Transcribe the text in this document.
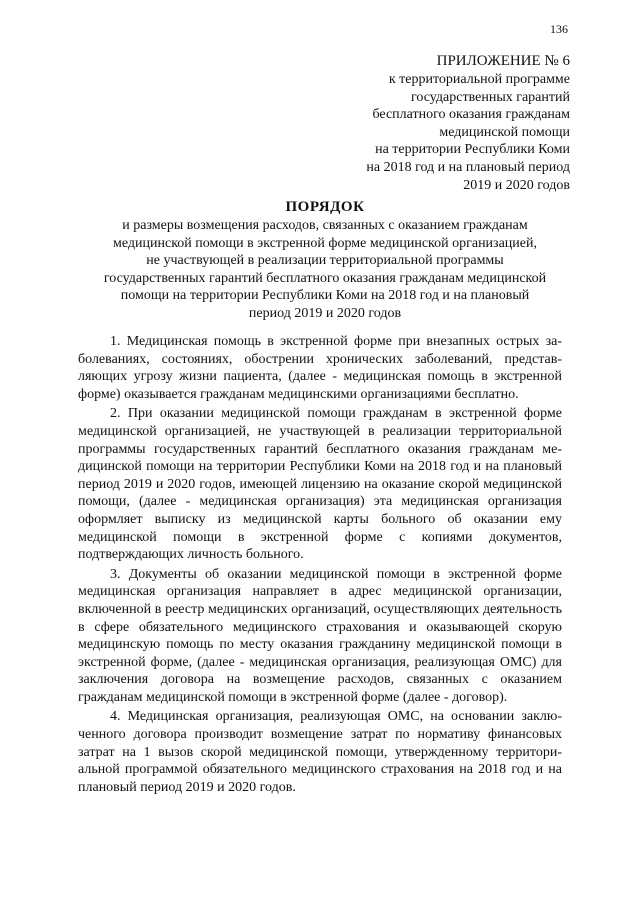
136
ПРИЛОЖЕНИЕ № 6
к территориальной программе
государственных гарантий
бесплатного оказания гражданам
медицинской помощи
на территории Республики Коми
на 2018 год и на плановый период
2019 и 2020 годов
ПОРЯДОК
и размеры возмещения расходов, связанных с оказанием гражданам
медицинской помощи в экстренной форме медицинской организацией,
не участвующей в реализации территориальной программы
государственных гарантий бесплатного оказания гражданам медицинской
помощи на территории Республики Коми на 2018 год и на плановый
период 2019 и 2020 годов

1. Медицинская помощь в экстренной форме при внезапных острых заболеваниях, состояниях, обострении хронических заболеваний, представляющих угрозу жизни пациента, (далее - медицинская помощь в экстренной форме) оказывается гражданам медицинскими организациями бесплатно.

2. При оказании медицинской помощи гражданам в экстренной форме медицинской организацией, не участвующей в реализации территориальной программы государственных гарантий бесплатного оказания гражданам медицинской помощи на территории Республики Коми на 2018 год и на плановый период 2019 и 2020 годов, имеющей лицензию на оказание скорой медицинской помощи, (далее - медицинская организация) эта медицинская организация оформляет выписку из медицинской карты больного об оказании ему медицинской помощи в экстренной форме с копиями документов, подтверждающих личность больного.

3. Документы об оказании медицинской помощи в экстренной форме медицинская организация направляет в адрес медицинской организации, включенной в реестр медицинских организаций, осуществляющих деятельность в сфере обязательного медицинского страхования и оказывающей скорую медицинскую помощь по месту оказания гражданину медицинской помощи в экстренной форме, (далее - медицинская организация, реализующая ОМС) для заключения договора на возмещение расходов, связанных с оказанием гражданам медицинской помощи в экстренной форме (далее - договор).

4. Медицинская организация, реализующая ОМС, на основании заключенного договора производит возмещение затрат по нормативу финансовых затрат на 1 вызов скорой медицинской помощи, утвержденному территориальной программой обязательного медицинского страхования на 2018 год и на плановый период 2019 и 2020 годов.
